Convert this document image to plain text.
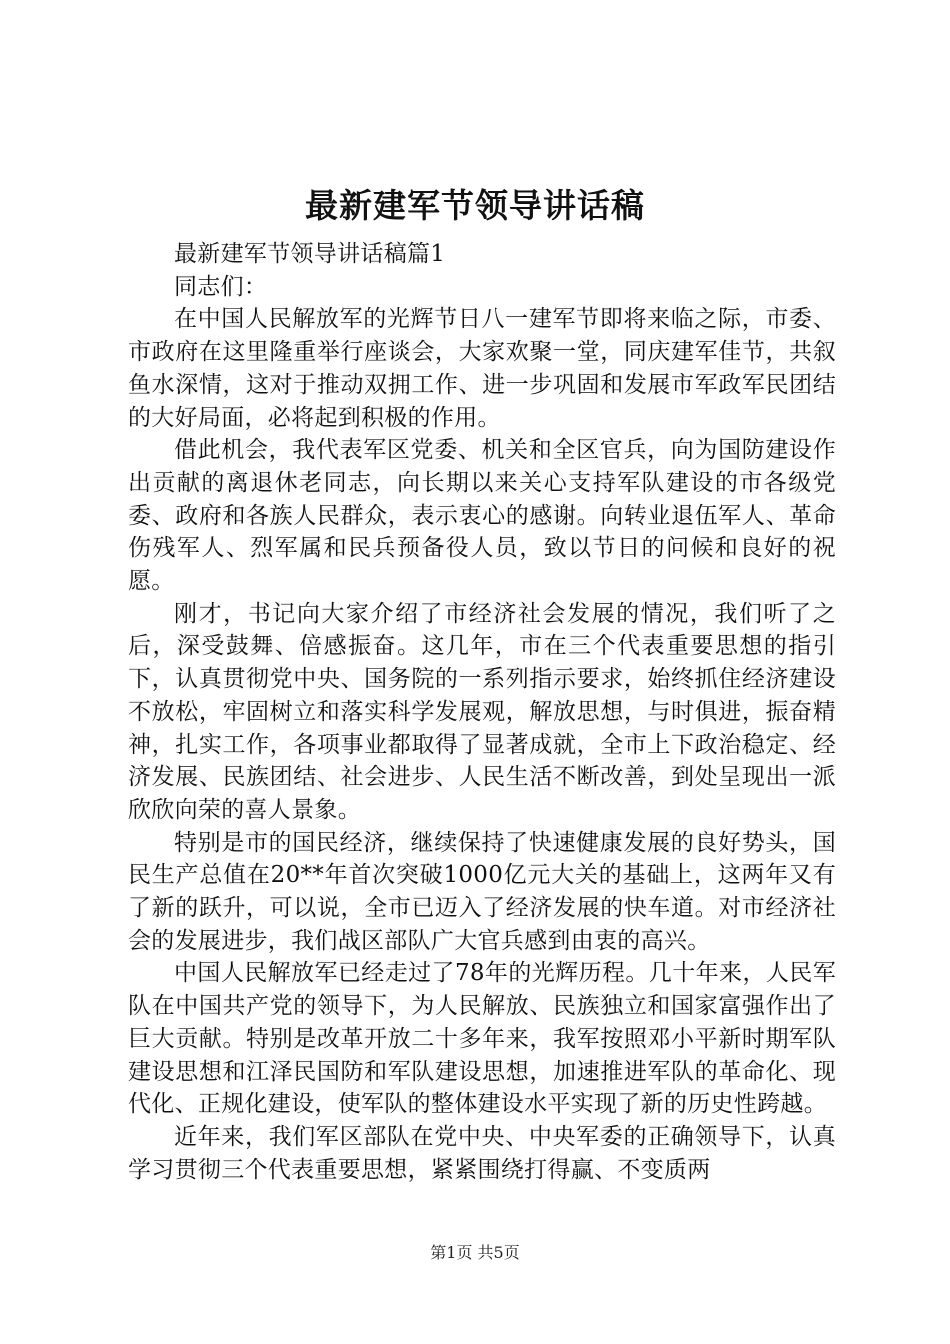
最新建军节领导讲话稿

最新建军节领导讲话稿篇1

同志们：

在中国人民解放军的光辉节日八一建军节即将来临之际，市委、市政府在这里隆重举行座谈会，大家欢聚一堂，同庆建军佳节，共叙鱼水深情，这对于推动双拥工作、进一步巩固和发展市军政军民团结的大好局面，必将起到积极的作用。

借此机会，我代表军区党委、机关和全区官兵，向为国防建设作出贡献的离退休老同志，向长期以来关心支持军队建设的市各级党委、政府和各族人民群众，表示衷心的感谢。向转业退伍军人、革命伤残军人、烈军属和民兵预备役人员，致以节日的问候和良好的祝愿。

刚才，书记向大家介绍了市经济社会发展的情况，我们听了之后，深受鼓舞、倍感振奋。这几年，市在三个代表重要思想的指引下，认真贯彻党中央、国务院的一系列指示要求，始终抓住经济建设不放松，牢固树立和落实科学发展观，解放思想，与时俱进，振奋精神，扎实工作，各项事业都取得了显著成就，全市上下政治稳定、经济发展、民族团结、社会进步、人民生活不断改善，到处呈现出一派欣欣向荣的喜人景象。

特别是市的国民经济，继续保持了快速健康发展的良好势头，国民生产总值在20**年首次突破1000亿元大关的基础上，这两年又有了新的跃升，可以说，全市已迈入了经济发展的快车道。对市经济社会的发展进步，我们战区部队广大官兵感到由衷的高兴。

中国人民解放军已经走过了78年的光辉历程。几十年来，人民军队在中国共产党的领导下，为人民解放、民族独立和国家富强作出了巨大贡献。特别是改革开放二十多年来，我军按照邓小平新时期军队建设思想和江泽民国防和军队建设思想，加速推进军队的革命化、现代化、正规化建设，使军队的整体建设水平实现了新的历史性跨越。

近年来，我们军区部队在党中央、中央军委的正确领导下，认真学习贯彻三个代表重要思想，紧紧围绕打得赢、不变质两

第1页 共5页
